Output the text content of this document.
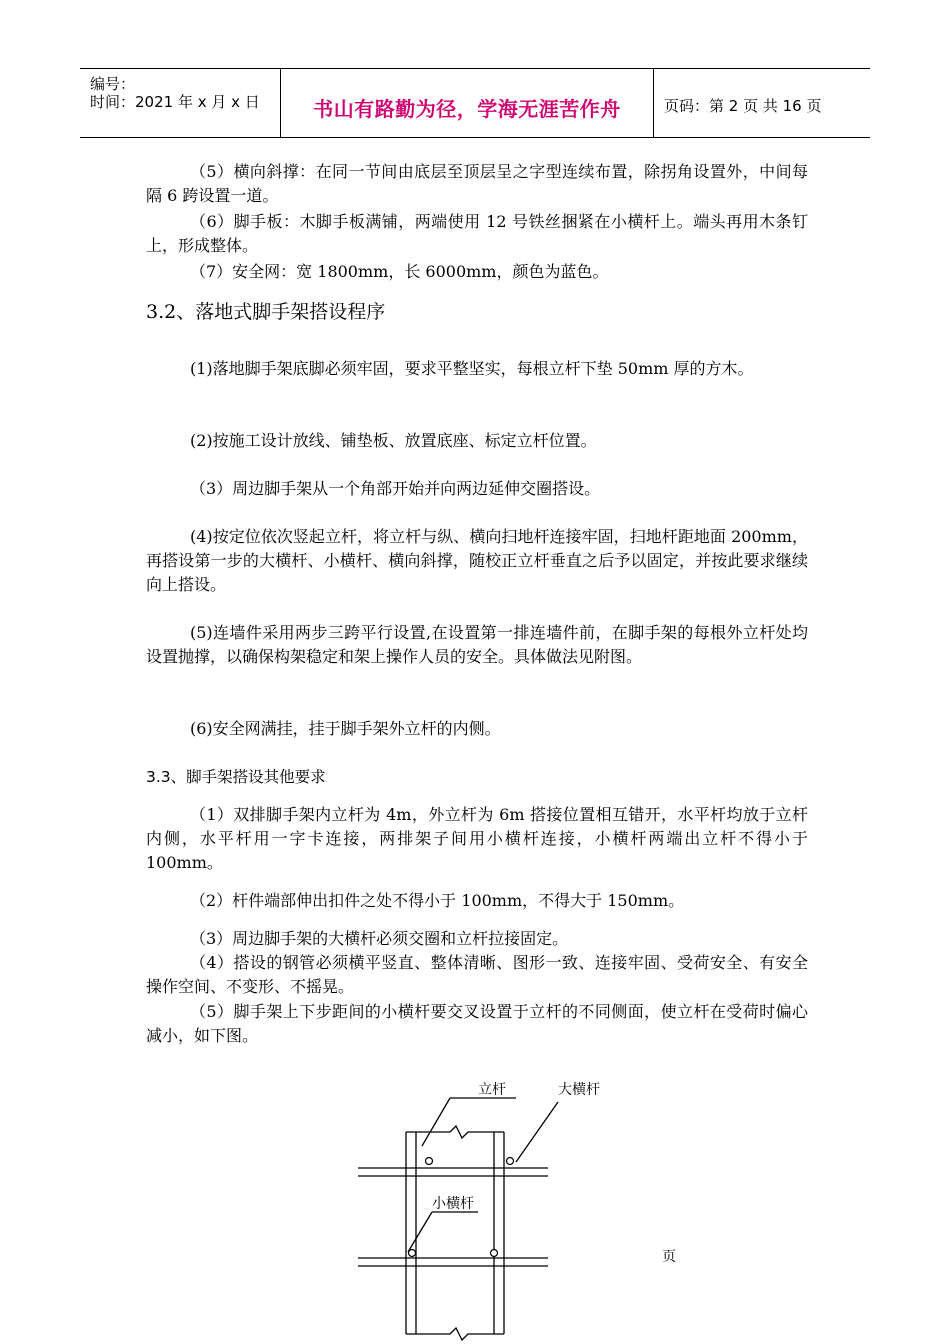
编号：
时间：2021 年 x 月 x 日	书山有路勤为径，学海无涯苦作舟	页码：第 2 页 共 16 页
（5）横向斜撑：在同一节间由底层至顶层呈之字型连续布置，除拐角设置外，中间每隔 6 跨设置一道。
（6）脚手板：木脚手板满铺，两端使用 12 号铁丝捆紧在小横杆上。端头再用木条钉上，形成整体。
（7）安全网：宽 1800mm，长 6000mm，颜色为蓝色。
3.2、落地式脚手架搭设程序
(1)落地脚手架底脚必须牢固，要求平整坚实，每根立杆下垫 50mm 厚的方木。
(2)按施工设计放线、铺垫板、放置底座、标定立杆位置。
（3）周边脚手架从一个角部开始并向两边延伸交圈搭设。
(4)按定位依次竖起立杆，将立杆与纵、横向扫地杆连接牢固，扫地杆距地面 200mm，再搭设第一步的大横杆、小横杆、横向斜撑，随校正立杆垂直之后予以固定，并按此要求继续向上搭设。
(5)连墙件采用两步三跨平行设置,在设置第一排连墙件前，在脚手架的每根外立杆处均设置抛撑，以确保构架稳定和架上操作人员的安全。具体做法见附图。
(6)安全网满挂，挂于脚手架外立杆的内侧。
3.3、脚手架搭设其他要求
（1）双排脚手架内立杆为 4m，外立杆为 6m 搭接位置相互错开，水平杆均放于立杆内侧，水平杆用一字卡连接，两排架子间用小横杆连接，小横杆两端出立杆不得小于 100mm。
（2）杆件端部伸出扣件之处不得小于 100mm，不得大于 150mm。
（3）周边脚手架的大横杆必须交圈和立杆拉接固定。
（4）搭设的钢管必须横平竖直、整体清晰、图形一致、连接牢固、受荷安全、有安全操作空间、不变形、不摇晃。
（5）脚手架上下步距间的小横杆要交叉设置于立杆的不同侧面，使立杆在受荷时偏心减小，如下图。
立杆	大横杆
小横杆
页
